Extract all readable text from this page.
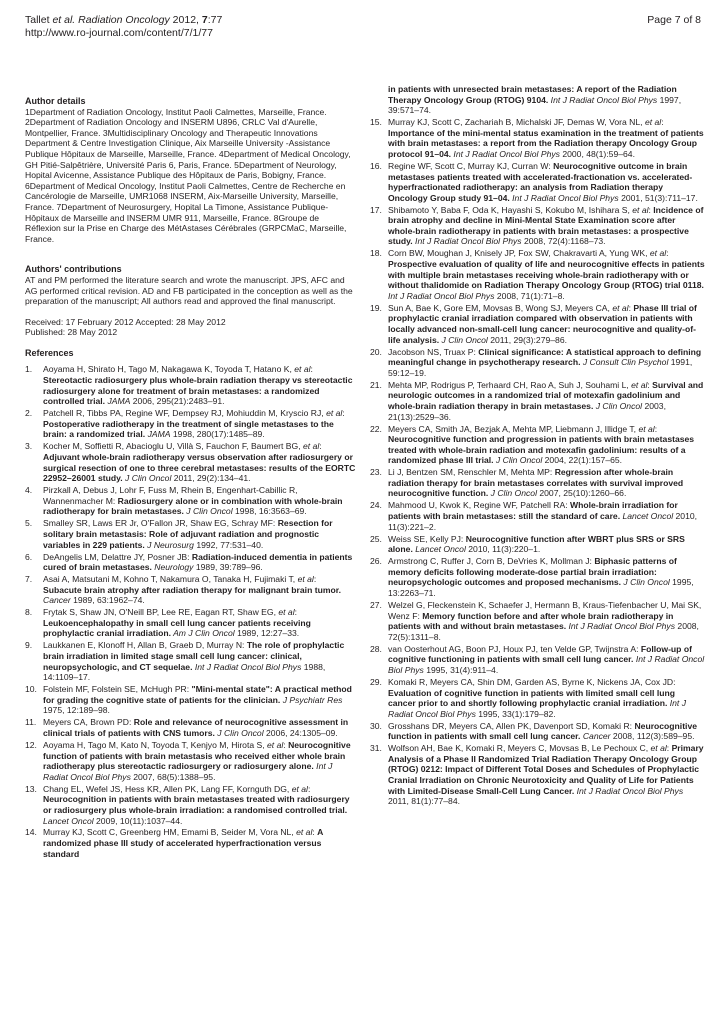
Tallet et al. Radiation Oncology 2012, 7:77
http://www.ro-journal.com/content/7/1/77
Page 7 of 8

Author details

1Department of Radiation Oncology, Institut Paoli Calmettes, Marseille, France. 2Department of Radiation Oncology and INSERM U896, CRLC Val d'Aurelle, Montpellier, France. 3Multidisciplinary Oncology and Therapeutic Innovations Department & Centre Investigation Clinique, Aix Marseille University -Assistance Publique Hôpitaux de Marseille, Marseille, France. 4Department of Medical Oncology, GH Pitié-Salpêtrière, Université Paris 6, Paris, France. 5Department of Neurology, Hopital Avicenne, Assistance Publique des Hôpitaux de Paris, Bobigny, France. 6Department of Medical Oncology, Institut Paoli Calmettes, Centre de Recherche en Cancérologie de Marseille, UMR1068 INSERM, Aix-Marseille University, Marseille, France. 7Department of Neurosurgery, Hopital La Timone, Assistance Publique-Hôpitaux de Marseille and INSERM UMR 911, Marseille, France. 8Groupe de Réflexion sur la Prise en Charge des MétAstases Cérébrales (GRPCMaC, Marseille, France.

Authors' contributions

AT and PM performed the literature search and wrote the manuscript. JPS, AFC and AG performed critical revision. AD and FB participated in the conception as well as the preparation of the manuscript; All authors read and approved the final manuscript.

Received: 17 February 2012 Accepted: 28 May 2012

Published: 28 May 2012

References

1.	Aoyama H, Shirato H, Tago M, Nakagawa K, Toyoda T, Hatano K, et al: Stereotactic radiosurgery plus whole-brain radiation therapy vs stereotactic radiosurgery alone for treatment of brain metastases: a randomized controlled trial. JAMA 2006, 295(21):2483–91.
2.	Patchell R, Tibbs PA, Regine WF, Dempsey RJ, Mohiuddin M, Kryscio RJ, et al: Postoperative radiotherapy in the treatment of single metastases to the brain: a randomized trial. JAMA 1998, 280(17):1485–89.
3.	Kocher M, Soffietti R, Abacioglu U, Villà S, Fauchon F, Baumert BG, et al: Adjuvant whole-brain radiotherapy versus observation after radiosurgery or surgical resection of one to three cerebral metastases: results of the EORTC 22952–26001 study. J Clin Oncol 2011, 29(2):134–41.
4.	Pirzkall A, Debus J, Lohr F, Fuss M, Rhein B, Engenhart-Cabillic R, Wannenmacher M: Radiosurgery alone or in combination with whole-brain radiotherapy for brain metastases. J Clin Oncol 1998, 16:3563–69.
5.	Smalley SR, Laws ER Jr, O'Fallon JR, Shaw EG, Schray MF: Resection for solitary brain metastasis: Role of adjuvant radiation and prognostic variables in 229 patients. J Neurosurg 1992, 77:531–40.
6.	DeAngelis LM, Delattre JY, Posner JB: Radiation-induced dementia in patients cured of brain metastases. Neurology 1989, 39:789–96.
7.	Asai A, Matsutani M, Kohno T, Nakamura O, Tanaka H, Fujimaki T, et al: Subacute brain atrophy after radiation therapy for malignant brain tumor. Cancer 1989, 63:1962–74.
8.	Frytak S, Shaw JN, O'Neill BP, Lee RE, Eagan RT, Shaw EG, et al: Leukoencephalopathy in small cell lung cancer patients receiving prophylactic cranial irradiation. Am J Clin Oncol 1989, 12:27–33.
9.	Laukkanen E, Klonoff H, Allan B, Graeb D, Murray N: The role of prophylactic brain irradiation in limited stage small cell lung cancer: clinical, neuropsychologic, and CT sequelae. Int J Radiat Oncol Biol Phys 1988, 14:1109–17.
10. Folstein MF, Folstein SE, McHugh PR: "Mini-mental state": A practical method for grading the cognitive state of patients for the clinician. J Psychiatr Res 1975, 12:189–98.
11. Meyers CA, Brown PD: Role and relevance of neurocognitive assessment in clinical trials of patients with CNS tumors. J Clin Oncol 2006, 24:1305–09.
12. Aoyama H, Tago M, Kato N, Toyoda T, Kenjyo M, Hirota S, et al: Neurocognitive function of patients with brain metastasis who received either whole brain radiotherapy plus stereotactic radiosurgery or radiosurgery alone. Int J Radiat Oncol Biol Phys 2007, 68(5):1388–95.
13. Chang EL, Wefel JS, Hess KR, Allen PK, Lang FF, Kornguth DG, et al: Neurocognition in patients with brain metastases treated with radiosurgery or radiosurgery plus whole-brain irradiation: a randomised controlled trial. Lancet Oncol 2009, 10(11):1037–44.
14. Murray KJ, Scott C, Greenberg HM, Emami B, Seider M, Vora NL, et al: A randomized phase III study of accelerated hyperfractionation versus standard
in patients with unresected brain metastases: A report of the Radiation Therapy Oncology Group (RTOG) 9104. Int J Radiat Oncol Biol Phys 1997, 39:571–74.
15. Murray KJ, Scott C, Zachariah B, Michalski JF, Demas W, Vora NL, et al: Importance of the mini-mental status examination in the treatment of patients with brain metastases: a report from the Radiation therapy Oncology Group protocol 91–04. Int J Radiat Oncol Biol Phys 2000, 48(1):59–64.
16. Regine WF, Scott C, Murray KJ, Curran W: Neurocognitive outcome in brain metastases patients treated with accelerated-fractionation vs. accelerated-hyperfractionated radiotherapy: an analysis from Radiation therapy Oncology Group study 91–04. Int J Radiat Oncol Biol Phys 2001, 51(3):711–17.
17. Shibamoto Y, Baba F, Oda K, Hayashi S, Kokubo M, Ishihara S, et al: Incidence of brain atrophy and decline in Mini-Mental State Examination score after whole-brain radiotherapy in patients with brain metastases: a prospective study. Int J Radiat Oncol Biol Phys 2008, 72(4):1168–73.
18. Corn BW, Moughan J, Knisely JP, Fox SW, Chakravarti A, Yung WK, et al: Prospective evaluation of quality of life and neurocognitive effects in patients with multiple brain metastases receiving whole-brain radiotherapy with or without thalidomide on Radiation Therapy Oncology Group (RTOG) trial 0118. Int J Radiat Oncol Biol Phys 2008, 71(1):71–8.
19. Sun A, Bae K, Gore EM, Movsas B, Wong SJ, Meyers CA, et al: Phase III trial of prophylactic cranial irradiation compared with observation in patients with locally advanced non-small-cell lung cancer: neurocognitive and quality-of-life analysis. J Clin Oncol 2011, 29(3):279–86.
20. Jacobson NS, Truax P: Clinical significance: A statistical approach to defining meaningful change in psychotherapy research. J Consult Clin Psychol 1991, 59:12–19.
21. Mehta MP, Rodrigus P, Terhaard CH, Rao A, Suh J, Souhami L, et al: Survival and neurologic outcomes in a randomized trial of motexafin gadolinium and whole-brain radiation therapy in brain metastases. J Clin Oncol 2003, 21(13):2529–36.
22. Meyers CA, Smith JA, Bezjak A, Mehta MP, Liebmann J, Illidge T, et al: Neurocognitive function and progression in patients with brain metastases treated with whole-brain radiation and motexafin gadolinium: results of a randomized phase III trial. J Clin Oncol 2004, 22(1):157–65.
23. Li J, Bentzen SM, Renschler M, Mehta MP: Regression after whole-brain radiation therapy for brain metastases correlates with survival improved neurocognitive function. J Clin Oncol 2007, 25(10):1260–66.
24. Mahmood U, Kwok K, Regine WF, Patchell RA: Whole-brain irradiation for patients with brain metastases: still the standard of care. Lancet Oncol 2010, 11(3):221–2.
25. Weiss SE, Kelly PJ: Neurocognitive function after WBRT plus SRS or SRS alone. Lancet Oncol 2010, 11(3):220–1.
26. Armstrong C, Ruffer J, Corn B, DeVries K, Mollman J: Biphasic patterns of memory deficits following moderate-dose partial brain irradiation: neuropsychologic outcomes and proposed mechanisms. J Clin Oncol 1995, 13:2263–71.
27. Welzel G, Fleckenstein K, Schaefer J, Hermann B, Kraus-Tiefenbacher U, Mai SK, Wenz F: Memory function before and after whole brain radiotherapy in patients with and without brain metastases. Int J Radiat Oncol Biol Phys 2008, 72(5):1311–8.
28. van Oosterhout AG, Boon PJ, Houx PJ, ten Velde GP, Twijnstra A: Follow-up of cognitive functioning in patients with small cell lung cancer. Int J Radiat Oncol Biol Phys 1995, 31(4):911–4.
29. Komaki R, Meyers CA, Shin DM, Garden AS, Byrne K, Nickens JA, Cox JD: Evaluation of cognitive function in patients with limited small cell lung cancer prior to and shortly following prophylactic cranial irradiation. Int J Radiat Oncol Biol Phys 1995, 33(1):179–82.
30. Grosshans DR, Meyers CA, Allen PK, Davenport SD, Komaki R: Neurocognitive function in patients with small cell lung cancer. Cancer 2008, 112(3):589–95.
31. Wolfson AH, Bae K, Komaki R, Meyers C, Movsas B, Le Pechoux C, et al: Primary Analysis of a Phase II Randomized Trial Radiation Therapy Oncology Group (RTOG) 0212: Impact of Different Total Doses and Schedules of Prophylactic Cranial Irradiation on Chronic Neurotoxicity and Quality of Life for Patients with Limited-Disease Small-Cell Lung Cancer. Int J Radiat Oncol Biol Phys 2011, 81(1):77–84.
